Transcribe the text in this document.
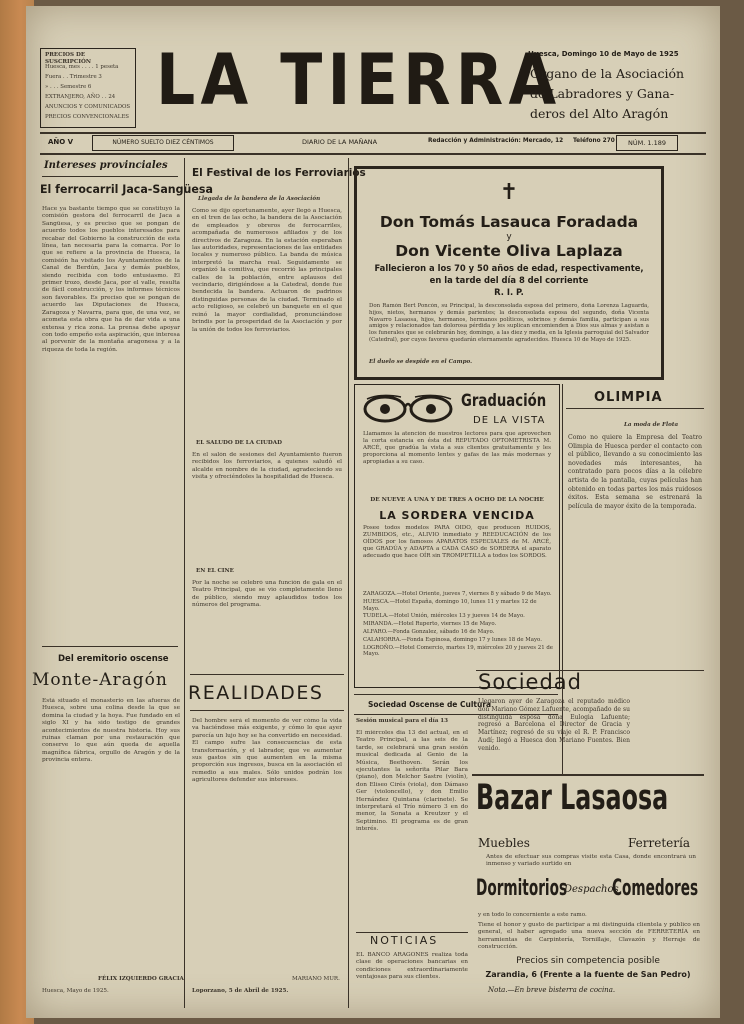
PRECIOS DE SUSCRIPCIÓN
Huesca, mes . . . . 1 peseta
Fuera . . Trimestre 3
» . . . Semestre 6
EXTRANJERO, AÑO . . 24
ANUNCIOS Y COMUNICADOS
PRECIOS CONVENCIONALES LA TIERRA
Huesca, Domingo 10 de Mayo de 1925
Órgano de la Asociación
de Labradores y Gana-
deros del Alto Aragón
AÑO V	NÚMERO SUELTO DIEZ CÉNTIMOS	DIARIO DE LA MAÑANA	Redacción y Administración: Mercado, 12 Teléfono 270	NÚM. 1.189
Intereses provinciales
El ferrocarril Jaca-Sangüesa
Hace ya bastante tiempo que se constituyó la comisión gestora del ferrocarril de Jaca a Sangüesa, y es preciso que se pongan de acuerdo todos los pueblos interesados para recabar del Gobierno la construcción de esta línea, tan necesaria para la comarca. Por lo que se refiere a la provincia de Huesca, la comisión ha visitado los Ayuntamientos de la Canal de Berdún, Jaca y demás pueblos, siendo recibida con todo entusiasmo. El primer trozo, desde Jaca, por el valle, resulta de fácil construcción, y los informes técnicos son favorables. Es preciso que se pongan de acuerdo las Diputaciones de Huesca, Zaragoza y Navarra, para que, de una vez, se acometa esta obra que ha de dar vida a una extensa y rica zona. La prensa debe apoyar con todo empeño esta aspiración, que interesa al porvenir de la montaña aragonesa y a la riqueza de toda la región.
Del eremitorio oscense
Monte-Aragón
Está situado el monasterio en las afueras de Huesca, sobre una colina desde la que se domina la ciudad y la hoya. Fue fundado en el siglo XI y ha sido testigo de grandes acontecimientos de nuestra historia. Hoy sus ruinas claman por una restauración que conserve lo que aún queda de aquella magnífica fábrica, orgullo de Aragón y de la provincia entera.
Huesca, Mayo de 1925.
FÉLIX IZQUIERDO GRACIA
El Festival de los Ferroviarios
Llegada de la bandera de la Asociación
Como se dijo oportunamente, ayer llegó a Huesca, en el tren de las ocho, la bandera de la Asociación de empleados y obreros de ferrocarriles, acompañada de numerosos afiliados y de los directivos de Zaragoza. En la estación esperaban las autoridades, representaciones de las entidades locales y numeroso público. La banda de música interpretó la marcha real. Seguidamente se organizó la comitiva, que recorrió las principales calles de la población, entre aplausos del vecindario, dirigiéndose a la Catedral, donde fue bendecida la bandera. Actuaron de padrinos distinguidas personas de la ciudad. Terminado el acto religioso, se celebró un banquete en el que reinó la mayor cordialidad, pronunciándose brindis por la prosperidad de la Asociación y por la unión de todos los ferroviarios.
EL SALUDO DE LA CIUDAD
En el salón de sesiones del Ayuntamiento fueron recibidos los ferroviarios, a quienes saludó el alcalde en nombre de la ciudad, agradeciendo su visita y ofreciéndoles la hospitalidad de Huesca.
EN EL CINE
Por la noche se celebró una función de gala en el Teatro Principal, que se vio completamente lleno de público, siendo muy aplaudidos todos los números del programa.
REALIDADES
Del hombre será el momento de ver cómo la vida va haciéndose más exigente, y cómo lo que ayer parecía un lujo hoy se ha convertido en necesidad. El campo sufre las consecuencias de esta transformación, y el labrador, que ve aumentar sus gastos sin que aumenten en la misma proporción sus ingresos, busca en la asociación el remedio a sus males. Sólo unidos podrán los agricultores defender sus intereses.
Loporzano, 5 de Abril de 1925.
MARIANO MUR.
✝
Don Tomás Lasauca Foradada
y
Don Vicente Oliva Laplaza
Fallecieron a los 70 y 50 años de edad, respectivamente,
en la tarde del día 8 del corriente
R. I. P.
Don Ramón Bert Poncón, su Principal, la desconsolada esposa del primero, doña Lorenza Laguarda, hijos, nietos, hermanos y demás parientes; la desconsolada esposa del segundo, doña Vicenta Navarro Lasaosa, hijos, hermanos, hermanos políticos, sobrinos y demás familia, participan a sus amigos y relacionados tan dolorosa pérdida y les suplican encomienden a Dios sus almas y asistan a los funerales que se celebrarán hoy, domingo, a las diez y media, en la Iglesia parroquial del Salvador (Catedral), por cuyos favores quedarán eternamente agradecidos. Huesca 10 de Mayo de 1925.
El duelo se despide en el Campo.
Graduación
DE LA VISTA
Llamamos la atención de nuestros lectores para que aprovechen la corta estancia en ésta del REPUTADO OPTOMETRISTA M. ARCÉ, que gradúa la vista a sus clientes gratuitamente y les proporciona al momento lentes y gafas de las más modernas y apropiadas a su caso.
DE NUEVE A UNA Y DE TRES A OCHO DE LA NOCHE
LA SORDERA VENCIDA
Posee todos modelos PARA OÍDO, que producen RUIDOS, ZUMBIDOS, etc., ALIVIO inmediato y REEDUCACIÓN de los OÍDOS por los famosos APARATOS ESPECIALES de M. ARCÉ, que GRADÚA y ADAPTA a CADA CASO de SORDERA el aparato adecuado que hace OÍR sin TROMPETILLA a todos los SORDOS.
ZARAGOZA.—Hotel Oriente, jueves 7, viernes 8 y sábado 9 de Mayo.
HUESCA.—Hotel España, domingo 10, lunes 11 y martes 12 de Mayo.
TUDELA.—Hotel Unión, miércoles 13 y jueves 14 de Mayo.
MIRANDA.—Hotel Ruperto, viernes 15 de Mayo.
ALFARO.—Fonda Gonzalez, sábado 16 de Mayo.
CALAHORRA.—Fonda Espinosa, domingo 17 y lunes 18 de Mayo.
LOGROÑO.—Hotel Comercio, martes 19, miércoles 20 y jueves 21 de Mayo.
Sociedad Oscense de Cultura
Sesión musical para el día 13
El miércoles día 13 del actual, en el Teatro Principal, a las seis de la tarde, se celebrará una gran sesión musical dedicada al Genio de la Música, Beethoven. Serán los ejecutantes la señorita Pilar Bara (piano), don Melchor Sastre (violín), don Eliseo Cirés (viola), don Dámaso Ger (violoncello), y don Emilio Hernández Quintana (clarinete). Se interpretará el Trío número 3 en do menor, la Sonata a Kreutzer y el Septimino. El programa es de gran interés.
NOTICIAS
EL BANCO ARAGONÉS realiza toda clase de operaciones bancarias en condiciones extraordinariamente ventajosas para sus clientes.
OLIMPIA
La moda de Flota
Como no quiere la Empresa del Teatro Olimpia de Huesca perder el contacto con el público, llevando a su conocimiento las novedades más interesantes, ha contratado para pocos días a la célebre artista de la pantalla, cuyas películas han obtenido en todas partes los más ruidosos éxitos. Esta semana se estrenará la película de mayor éxito de la temporada.
Sociedad
Llegaron ayer de Zaragoza el reputado médico don Mariano Gómez Lafuente, acompañado de su distinguida esposa doña Eulogia Lafuente; regresó a Barcelona el Director de Gracia y Martínez; regresó de su viaje el R. P. Francisco Audí; llegó a Huesca don Mariano Fuentes. Bien venido.
Bazar Lasaosa
Muebles	Ferretería
Antes de efectuar sus compras visite esta Casa, donde encontrará un inmenso y variado surtido en
Dormitorios
Despachos
Comedores
y en todo lo concerniente a este ramo.
Tiene el honor y gusto de participar a mi distinguida clientela y público en general, el haber agregado una nueva sección de FERRETERÍA en herramientas de Carpintería, Tornillaje, Clavazón y Herraje de construcción.
Precios sin competencia posible
Zarandia, 6 (Frente a la fuente de San Pedro)
Nota.—En breve bisterra de cocina.
